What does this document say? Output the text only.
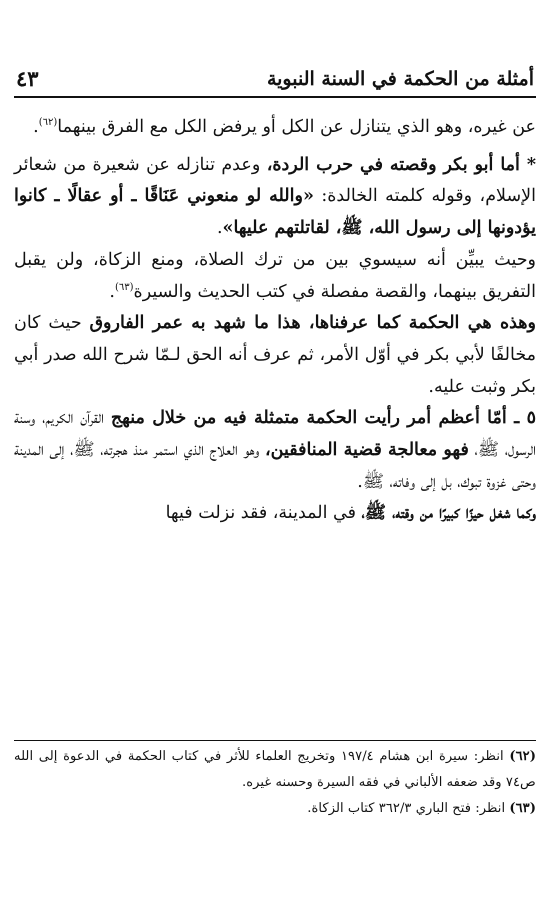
أمثلة من الحكمة في السنة النبوية
٤٣

عن غيره، وهو الذي يتنازل عن الكل أو يرفض الكل مع الفرق بينهما$^{(٦٢)}$.

* أما أبو بكر وقصته في حرب الردة، وعدم تنازله عن شعيرة من شعائر الإسلام، وقوله كلمته الخالدة: «والله لو منعوني عَنَاقًا ـ أو عقالًا ـ كانوا يؤدونها إلى رسول الله، ﷺ، لقاتلتهم عليها».

وحيث يبيِّن أنه سيسوي بين من ترك الصلاة، ومنع الزكاة، ولن يقبل التفريق بينهما، والقصة مفصلة في كتب الحديث والسيرة$^{(٦٣)}$.

وهذه هي الحكمة كما عرفناها، هذا ما شهد به عمر الفاروق حيث كان مخالفًا لأبي بكر في أوّل الأمر، ثم عرف أنه الحق لـمّا شرح الله صدر أبي بكر وثبت عليه.

٥ ـ أمّا أعظم أمر رأيت الحكمة متمثلة فيه من خلال منهج القرآن الكريم، وسنة الرسول، ﷺ، فهو معالجة قضية المنافقين، وهو العلاج الذي استمر منذ هجرته، ﷺ، إلى المدينة وحتى غزوة تبوك، بل إلى وفاته، ﷺ.

وكما شغل حيزًا كبيرًا من وقته، ﷺ، في المدينة، فقد نزلت فيها

(٦٢) انظر: سيرة ابن هشام ١٩٧/٤ وتخريج العلماء للأثر في كتاب الحكمة في الدعوة إلى الله ص٧٤ وقد ضعفه الألباني في فقه السيرة وحسنه غيره.

(٦٣) انظر: فتح الباري ٣٦٢/٣ كتاب الزكاة.
